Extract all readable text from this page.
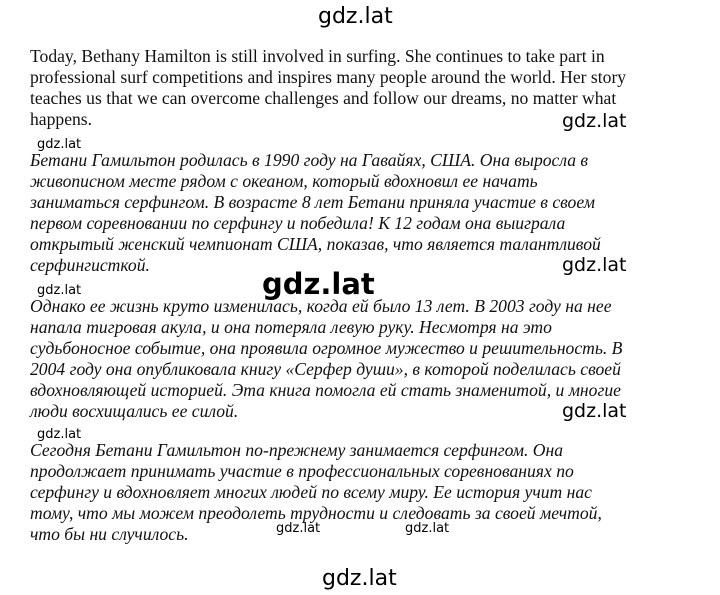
gdz.lat
gdz.lat
gdz.lat
gdz.lat
gdz.lat
gdz.lat
gdz.lat
gdz.lat
gdz.lat	gdz.lat
gdz.lat

Today, Bethany Hamilton is still involved in surfing. She continues to take part in
professional surf competitions and inspires many people around the world. Her story
teaches us that we can overcome challenges and follow our dreams, no matter what
happens.

Бетани Гамильтон родилась в 1990 году на Гавайях, США. Она выросла в
живописном месте рядом с океаном, который вдохновил ее начать
заниматься серфингом. В возрасте 8 лет Бетани приняла участие в своем
первом соревновании по серфингу и победила! К 12 годам она выиграла
открытый женский чемпионат США, показав, что является талантливой
серфингисткой.

Однако ее жизнь круто изменилась, когда ей было 13 лет. В 2003 году на нее
напала тигровая акула, и она потеряла левую руку. Несмотря на это
судьбоносное событие, она проявила огромное мужество и решительность. В
2004 году она опубликовала книгу «Серфер души», в которой поделилась своей
вдохновляющей историей. Эта книга помогла ей стать знаменитой, и многие
люди восхищались ее силой.

Сегодня Бетани Гамильтон по-прежнему занимается серфингом. Она
продолжает принимать участие в профессиональных соревнованиях по
серфингу и вдохновляет многих людей по всему миру. Ее история учит нас
тому, что мы можем преодолеть трудности и следовать за своей мечтой,
что бы ни случилось.
